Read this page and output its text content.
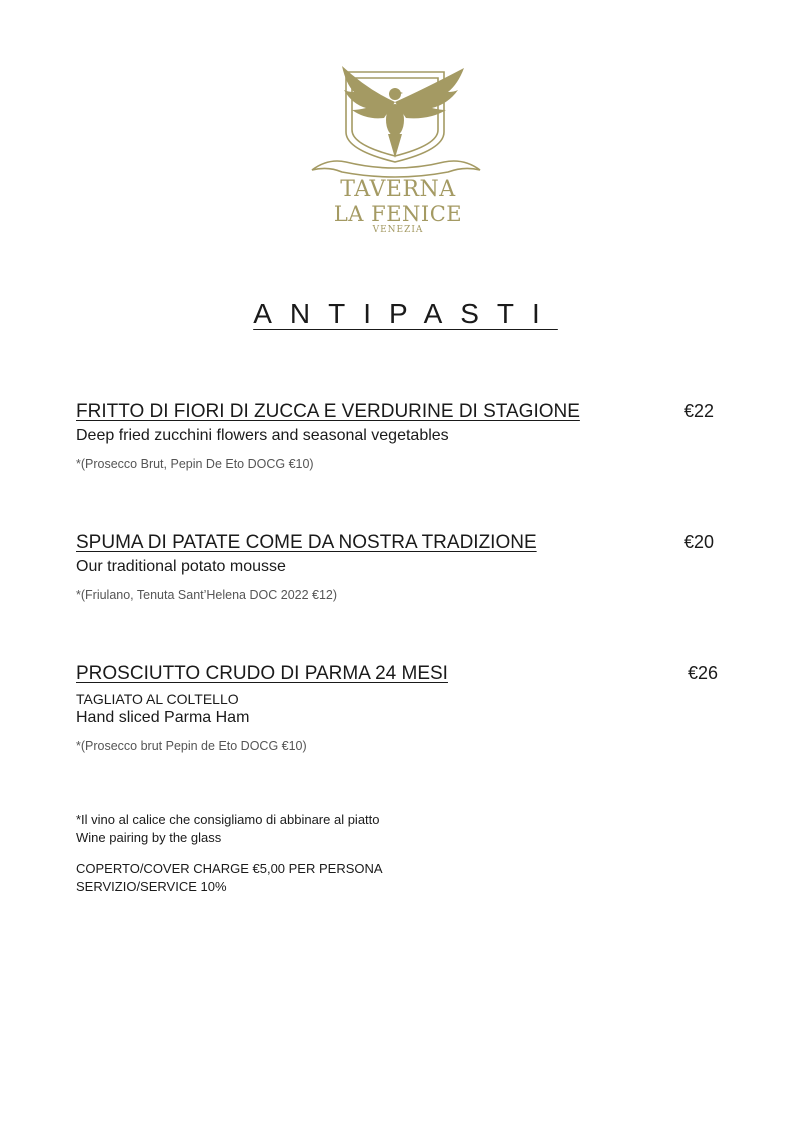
TAVERNA
LA FENICE
VENEZIA
ANTIPASTI
FRITTO DI FIORI DI ZUCCA E VERDURINE DI STAGIONE	€22
Deep fried zucchini flowers and seasonal vegetables
*(Prosecco Brut, Pepin De Eto DOCG €10)
SPUMA DI PATATE COME DA NOSTRA TRADIZIONE	€20
Our traditional potato mousse
*(Friulano, Tenuta Sant’Helena DOC 2022 €12)
PROSCIUTTO CRUDO DI PARMA 24 MESI	€26
TAGLIATO AL COLTELLO
Hand sliced Parma Ham
*(Prosecco brut Pepin de Eto DOCG €10)
*Il vino al calice che consigliamo di abbinare al piatto
Wine pairing by the glass
COPERTO/COVER CHARGE €5,00 PER PERSONA
SERVIZIO/SERVICE 10%
